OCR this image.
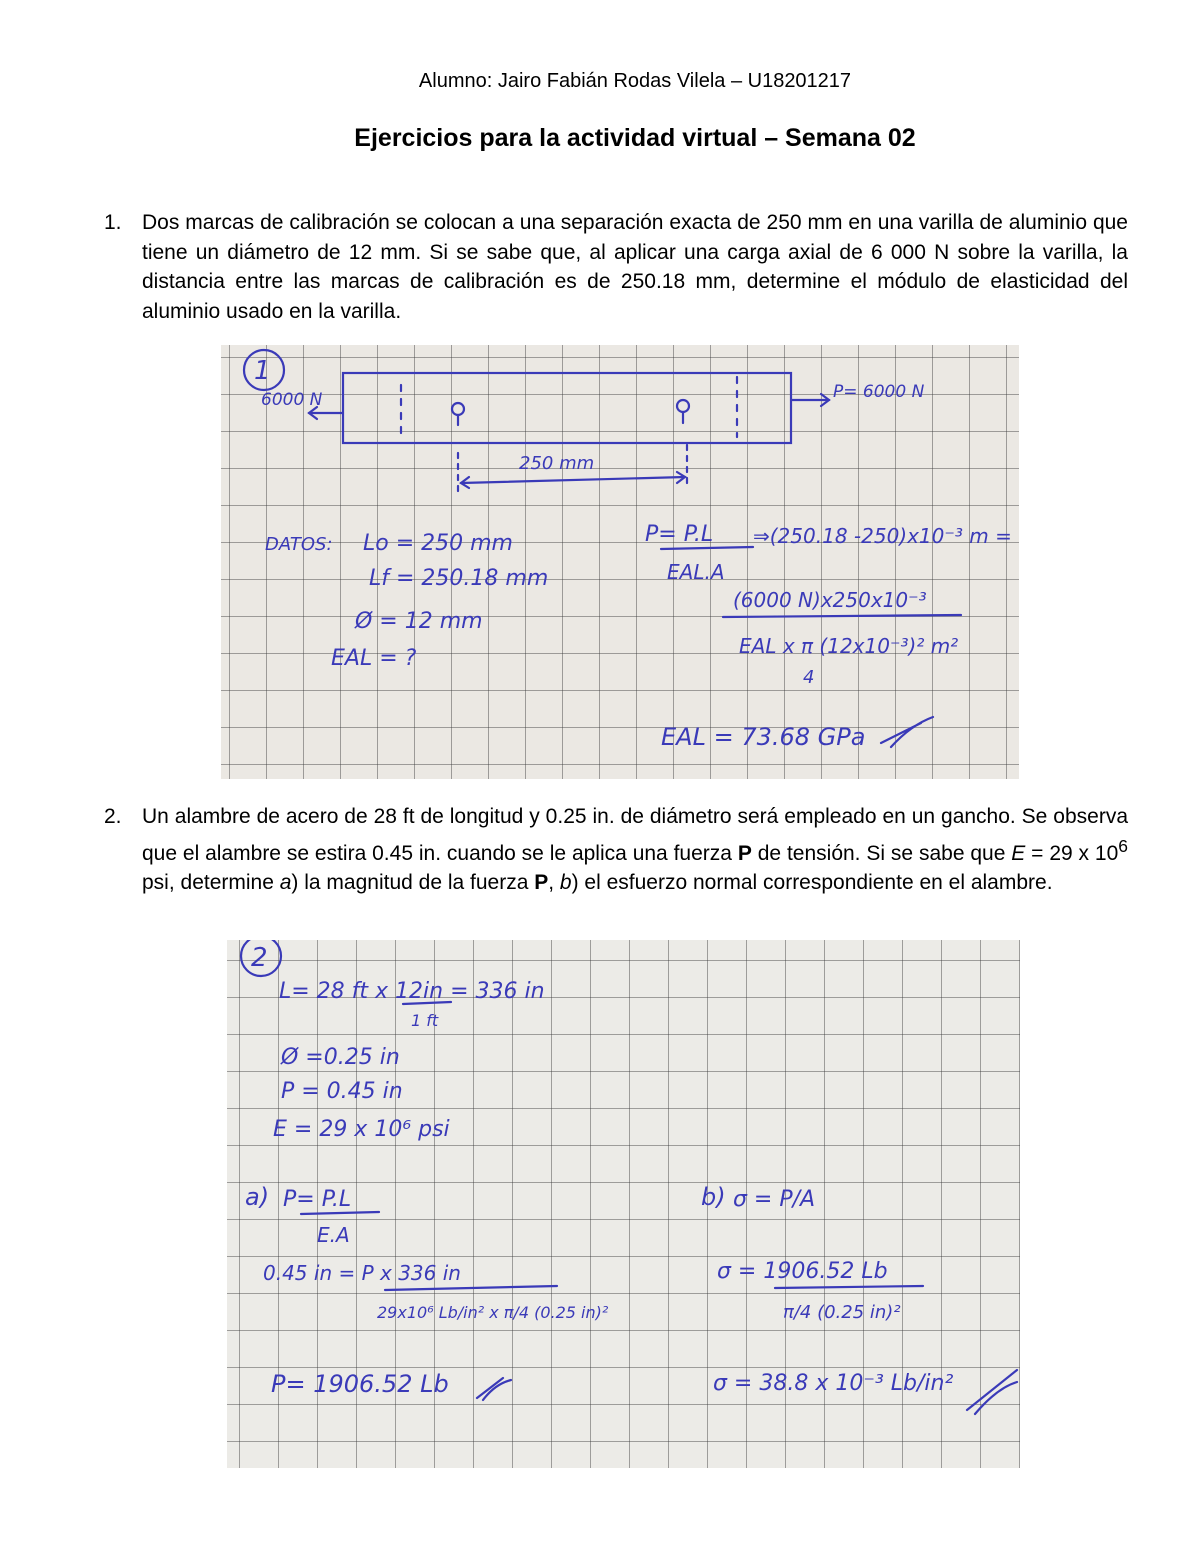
Alumno: Jairo Fabián Rodas Vilela – U18201217
Ejercicios para la actividad virtual – Semana 02
1. Dos marcas de calibración se colocan a una separación exacta de 250 mm en una varilla de aluminio que tiene un diámetro de 12 mm. Si se sabe que, al aplicar una carga axial de 6 000 N sobre la varilla, la distancia entre las marcas de calibración es de 250.18 mm, determine el módulo de elasticidad del aluminio usado en la varilla.
1
6000 N	P= 6000 N
250 mm
DATOS: Lo = 250 mm
Lf = 250.18 mm
Ø = 12 mm
EAL = ?
P= P.L
EAL.A
⇒(250.18 -250)x10⁻³ m =
(6000 N)x250x10⁻³
EAL x π (12x10⁻³)² m²
4
EAL = 73.68 GPa
2. Un alambre de acero de 28 ft de longitud y 0.25 in. de diámetro será empleado en un gancho. Se observa que el alambre se estira 0.45 in. cuando se le aplica una fuerza P de tensión. Si se sabe que E = 29 x $10^6$ psi, determine a) la magnitud de la fuerza P, b) el esfuerzo normal correspondiente en el alambre.
2
L= 28 ft x 12in = 336 in
1 ft
Ø =0.25 in
P = 0.45 in
E = 29 x 10⁶ psi
a) P= P.L
E.A
0.45 in = P x 336 in
29x10⁶ Lb/in² x π/4 (0.25 in)²
P= 1906.52 Lb
b) σ = P/A
σ = 1906.52 Lb
π/4 (0.25 in)²
σ = 38.8 x 10⁻³ Lb/in²
